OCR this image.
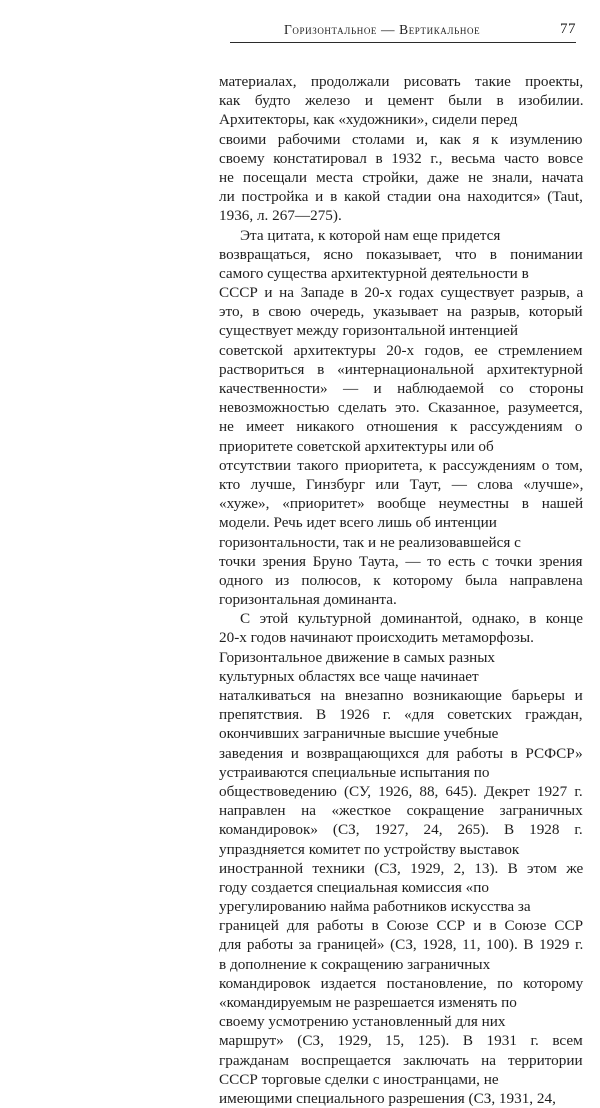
Горизонтальное — Вертикальное	77
материалах, продолжали рисовать такие проекты,
как будто железо и цемент были в изобилии.
Архитекторы, как «художники», сидели перед
своими рабочими столами и, как я к изумлению
своему констатировал в 1932 г., весьма часто вовсе
не посещали места стройки, даже не знали, начата
ли постройка и в какой стадии она находится» (Taut,
1936, л. 267—275).
Эта цитата, к которой нам еще придется
возвращаться, ясно показывает, что в понимании
самого существа архитектурной деятельности в
СССР и на Западе в 20-х годах существует разрыв, а
это, в свою очередь, указывает на разрыв, который
существует между горизонтальной интенцией
советской архитектуры 20-х годов, ее стремлением
раствориться в «интернациональной архитектурной
качественности» — и наблюдаемой со стороны
невозможностью сделать это. Сказанное, разумеется,
не имеет никакого отношения к рассуждениям о
приоритете советской архитектуры или об
отсутствии такого приоритета, к рассуждениям о том,
кто лучше, Гинзбург или Таут, — слова «лучше»,
«хуже», «приоритет» вообще неуместны в нашей
модели. Речь идет всего лишь об интенции
горизонтальности, так и не реализовавшейся с
точки зрения Бруно Таута, — то есть с точки зрения
одного из полюсов, к которому была направлена
горизонтальная доминанта.
С этой культурной доминантой, однако, в конце
20-х годов начинают происходить метаморфозы.
Горизонтальное движение в самых разных
культурных областях все чаще начинает
наталкиваться на внезапно возникающие барьеры и
препятствия. В 1926 г. «для советских граждан,
окончивших заграничные высшие учебные
заведения и возвращающихся для работы в РСФСР»
устраиваются специальные испытания по
обществоведению (СУ, 1926, 88, 645). Декрет 1927 г.
направлен на «жесткое сокращение заграничных
командировок» (СЗ, 1927, 24, 265). В 1928 г.
упраздняется комитет по устройству выставок
иностранной техники (СЗ, 1929, 2, 13). В этом же
году создается специальная комиссия «по
урегулированию найма работников искусства за
границей для работы в Союзе ССР и в Союзе ССР
для работы за границей» (СЗ, 1928, 11, 100). В 1929 г.
в дополнение к сокращению заграничных
командировок издается постановление, по которому
«командируемым не разрешается изменять по
своему усмотрению установленный для них
маршрут» (СЗ, 1929, 15, 125). В 1931 г. всем
гражданам воспрещается заключать на территории
СССР торговые сделки с иностранцами, не
имеющими специального разрешения (СЗ, 1931, 24,
